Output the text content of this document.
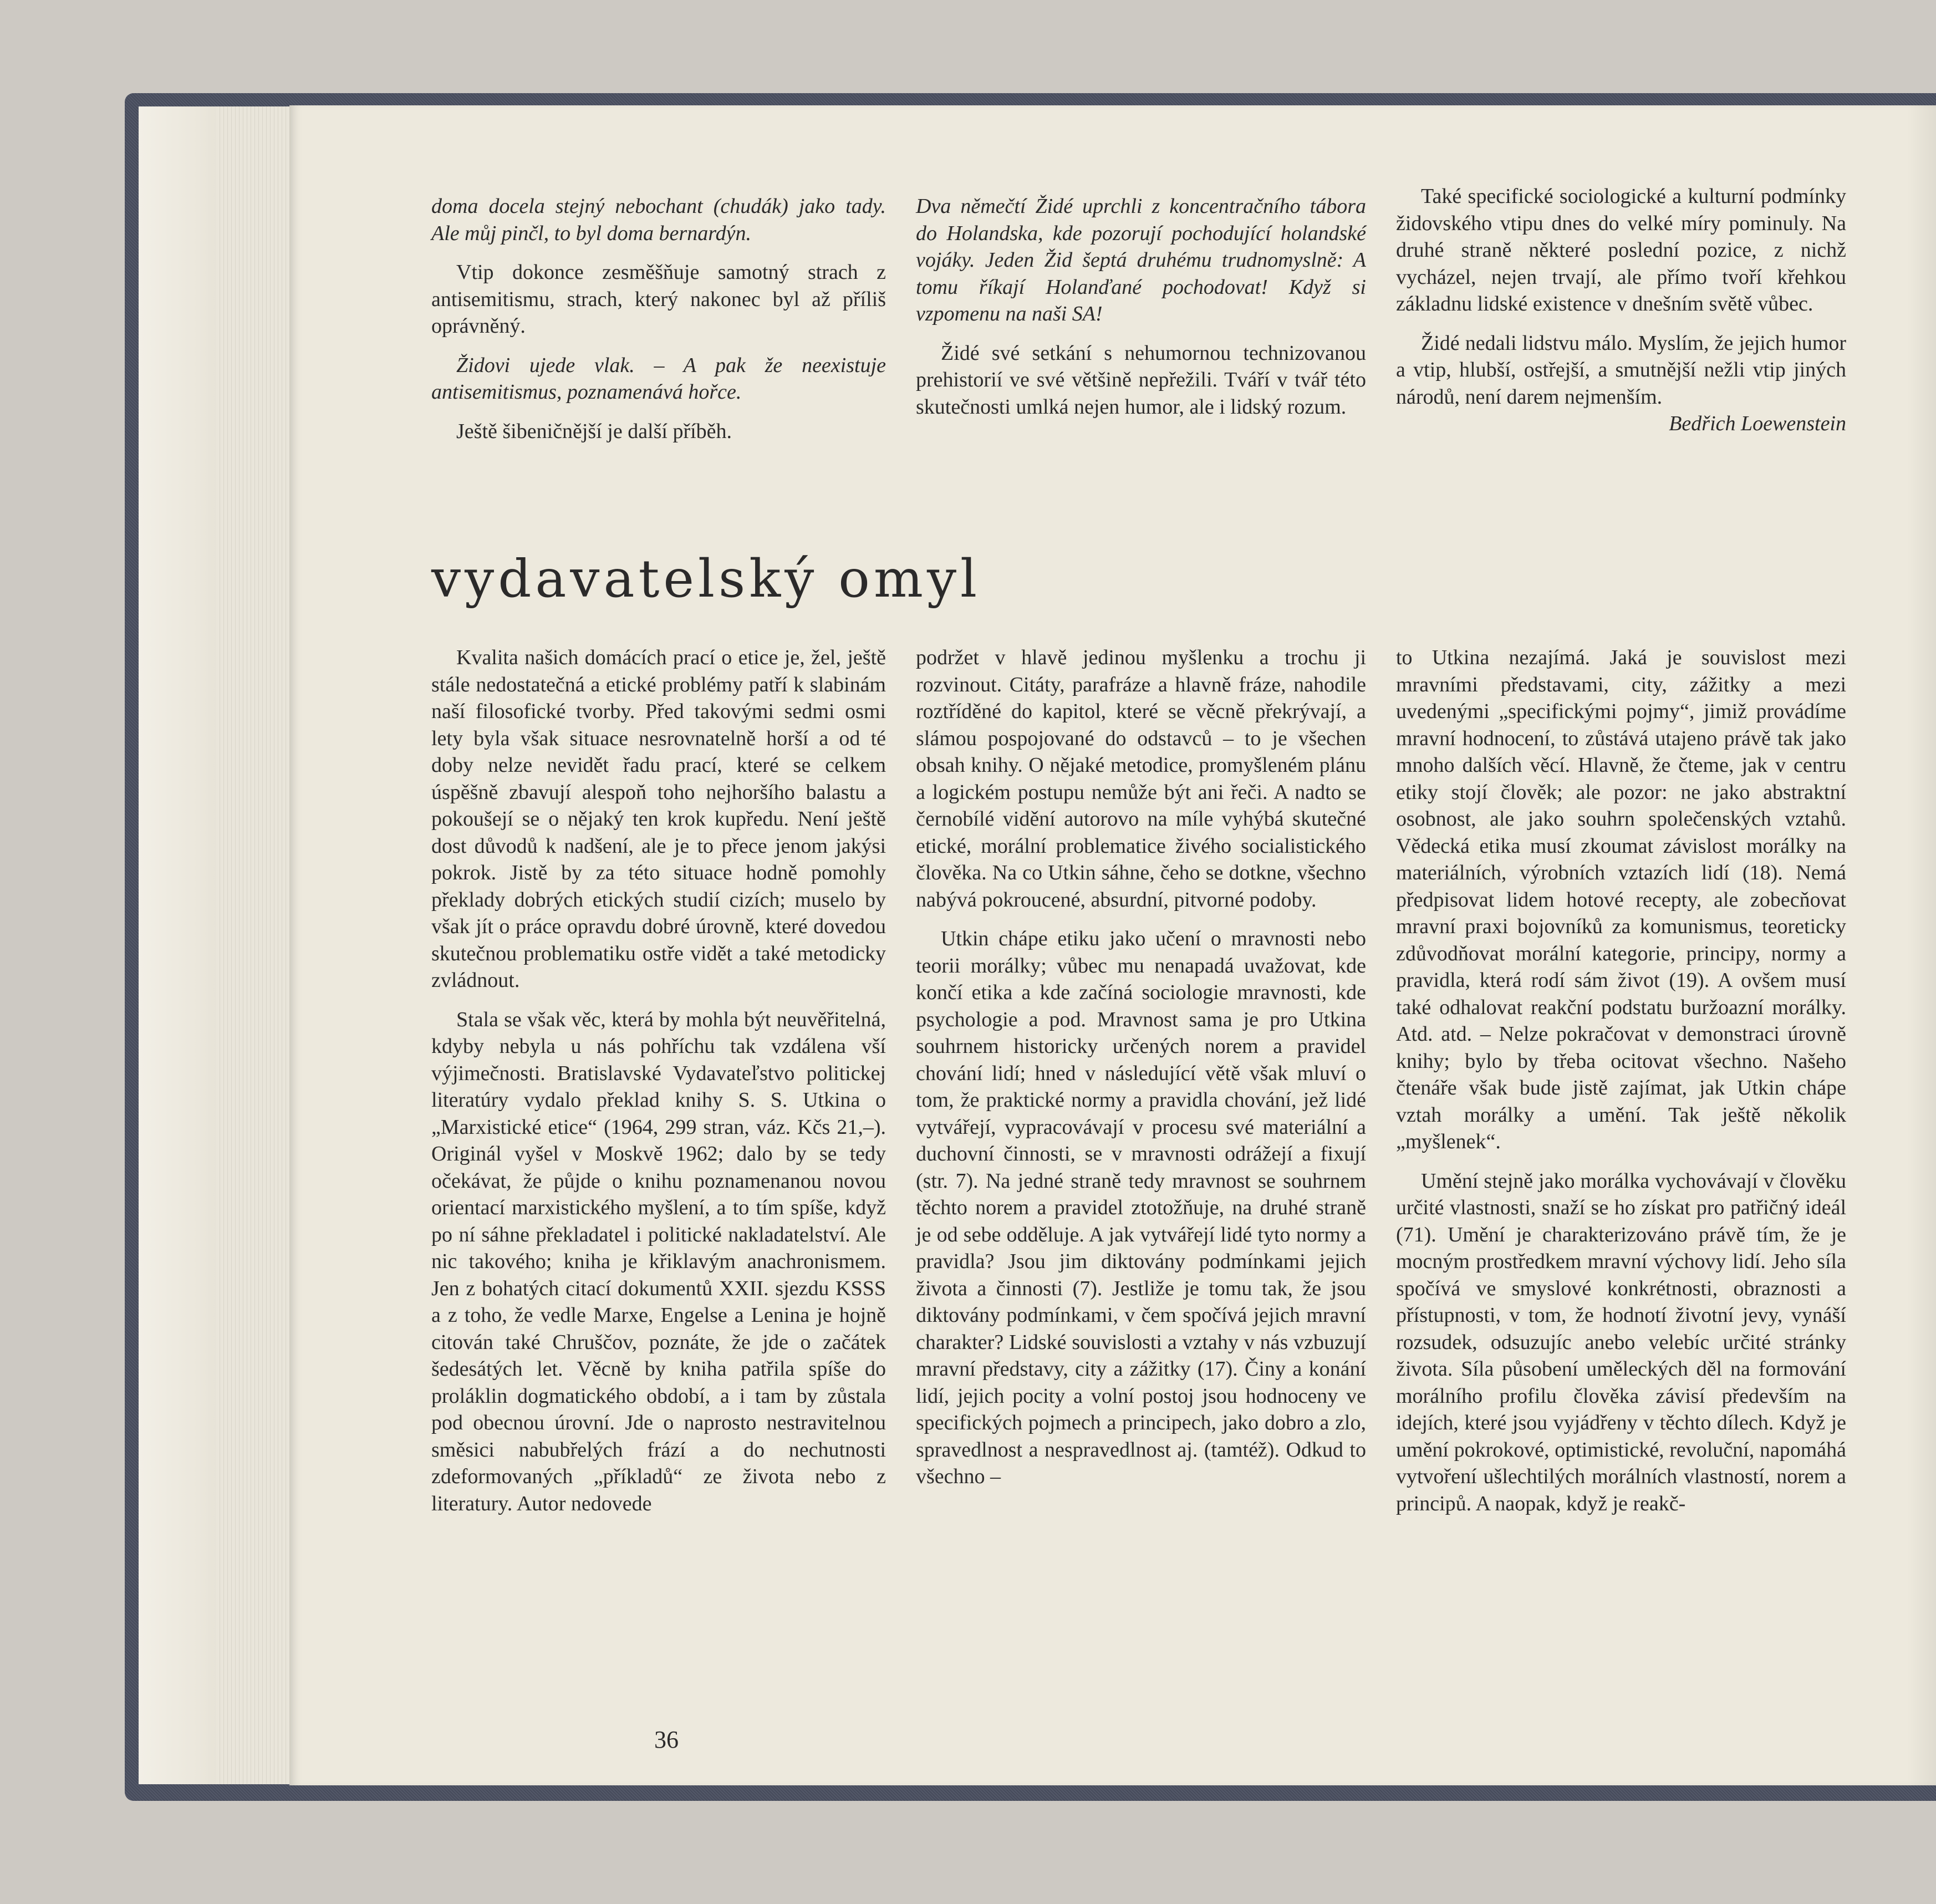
doma docela stejný nebochant (chudák) jako tady. Ale můj pinčl, to byl doma bernardýn.

Vtip dokonce zesměšňuje samotný strach z antisemitismu, strach, který nakonec byl až příliš oprávněný.

Židovi ujede vlak. – A pak že neexistuje antisemitismus, poznamenává hořce.

Ještě šibeničnější je další příběh.

Dva němečtí Židé uprchli z koncentračního tábora do Holandska, kde pozorují pochodující holandské vojáky. Jeden Žid šeptá druhému trudnomyslně: A tomu říkají Holanďané pochodovat! Když si vzpomenu na naši SA!

Židé své setkání s nehumornou technizovanou prehistorií ve své většině nepřežili. Tváří v tvář této skutečnosti umlká nejen humor, ale i lidský rozum.

Také specifické sociologické a kulturní podmínky židovského vtipu dnes do velké míry pominuly. Na druhé straně některé poslední pozice, z nichž vycházel, nejen trvají, ale přímo tvoří křehkou základnu lidské existence v dnešním světě vůbec.

Židé nedali lidstvu málo. Myslím, že jejich humor a vtip, hlubší, ostřejší, a smutnější nežli vtip jiných národů, není darem nejmenším.
Bedřich Loewenstein

vydavatelský omyl

Kvalita našich domácích prací o etice je, žel, ještě stále nedostatečná a etické problémy patří k slabinám naší filosofické tvorby. Před takovými sedmi osmi lety byla však situace nesrovnatelně horší a od té doby nelze nevidět řadu prací, které se celkem úspěšně zbavují alespoň toho nejhoršího balastu a pokoušejí se o nějaký ten krok kupředu. Není ještě dost důvodů k nadšení, ale je to přece jenom jakýsi pokrok. Jistě by za této situace hodně pomohly překlady dobrých etických studií cizích; muselo by však jít o práce opravdu dobré úrovně, které dovedou skutečnou problematiku ostře vidět a také metodicky zvládnout.

Stala se však věc, která by mohla být neuvěřitelná, kdyby nebyla u nás pohříchu tak vzdálena vší výjimečnosti. Bratislavské Vydavateľstvo politickej literatúry vydalo překlad knihy S. S. Utkina o „Marxistické etice“ (1964, 299 stran, váz. Kčs 21,–). Originál vyšel v Moskvě 1962; dalo by se tedy očekávat, že půjde o knihu poznamenanou novou orientací marxistického myšlení, a to tím spíše, když po ní sáhne překladatel i politické nakladatelství. Ale nic takového; kniha je křiklavým anachronismem. Jen z bohatých citací dokumentů XXII. sjezdu KSSS a z toho, že vedle Marxe, Engelse a Lenina je hojně citován také Chruščov, poznáte, že jde o začátek šedesátých let. Věcně by kniha patřila spíše do proláklin dogmatického období, a i tam by zůstala pod obecnou úrovní. Jde o naprosto nestravitelnou směsici nabubřelých frází a do nechutnosti zdeformovaných „příkladů“ ze života nebo z literatury. Autor nedovede

podržet v hlavě jedinou myšlenku a trochu ji rozvinout. Citáty, parafráze a hlavně fráze, nahodile roztříděné do kapitol, které se věcně překrývají, a slámou pospojované do odstavců – to je všechen obsah knihy. O nějaké metodice, promyšleném plánu a logickém postupu nemůže být ani řeči. A nadto se černobílé vidění autorovo na míle vyhýbá skutečné etické, morální problematice živého socialistického člověka. Na co Utkin sáhne, čeho se dotkne, všechno nabývá pokroucené, absurdní, pitvorné podoby.

Utkin chápe etiku jako učení o mravnosti nebo teorii morálky; vůbec mu nenapadá uvažovat, kde končí etika a kde začíná sociologie mravnosti, kde psychologie a pod. Mravnost sama je pro Utkina souhrnem historicky určených norem a pravidel chování lidí; hned v následující větě však mluví o tom, že praktické normy a pravidla chování, jež lidé vytvářejí, vypracovávají v procesu své materiální a duchovní činnosti, se v mravnosti odrážejí a fixují (str. 7). Na jedné straně tedy mravnost se souhrnem těchto norem a pravidel ztotožňuje, na druhé straně je od sebe odděluje. A jak vytvářejí lidé tyto normy a pravidla? Jsou jim diktovány podmínkami jejich života a činnosti (7). Jestliže je tomu tak, že jsou diktovány podmínkami, v čem spočívá jejich mravní charakter? Lidské souvislosti a vztahy v nás vzbuzují mravní představy, city a zážitky (17). Činy a konání lidí, jejich pocity a volní postoj jsou hodnoceny ve specifických pojmech a principech, jako dobro a zlo, spravedlnost a nespravedlnost aj. (tamtéž). Odkud to všechno –

to Utkina nezajímá. Jaká je souvislost mezi mravními představami, city, zážitky a mezi uvedenými „specifickými pojmy“, jimiž provádíme mravní hodnocení, to zůstává utajeno právě tak jako mnoho dalších věcí. Hlavně, že čteme, jak v centru etiky stojí člověk; ale pozor: ne jako abstraktní osobnost, ale jako souhrn společenských vztahů. Vědecká etika musí zkoumat závislost morálky na materiálních, výrobních vztazích lidí (18). Nemá předpisovat lidem hotové recepty, ale zobecňovat mravní praxi bojovníků za komunismus, teoreticky zdůvodňovat morální kategorie, principy, normy a pravidla, která rodí sám život (19). A ovšem musí také odhalovat reakční podstatu buržoazní morálky. Atd. atd. – Nelze pokračovat v demonstraci úrovně knihy; bylo by třeba ocitovat všechno. Našeho čtenáře však bude jistě zajímat, jak Utkin chápe vztah morálky a umění. Tak ještě několik „myšlenek“.

Umění stejně jako morálka vychovávají v člověku určité vlastnosti, snaží se ho získat pro patřičný ideál (71). Umění je charakterizováno právě tím, že je mocným prostředkem mravní výchovy lidí. Jeho síla spočívá ve smyslové konkrétnosti, obraznosti a přístupnosti, v tom, že hodnotí životní jevy, vynáší rozsudek, odsuzujíc anebo velebíc určité stránky života. Síla působení uměleckých děl na formování morálního profilu člověka závisí především na idejích, které jsou vyjádřeny v těchto dílech. Když je umění pokrokové, optimistické, revoluční, napomáhá vytvoření ušlechtilých morálních vlastností, norem a principů. A naopak, když je reakč-

36
